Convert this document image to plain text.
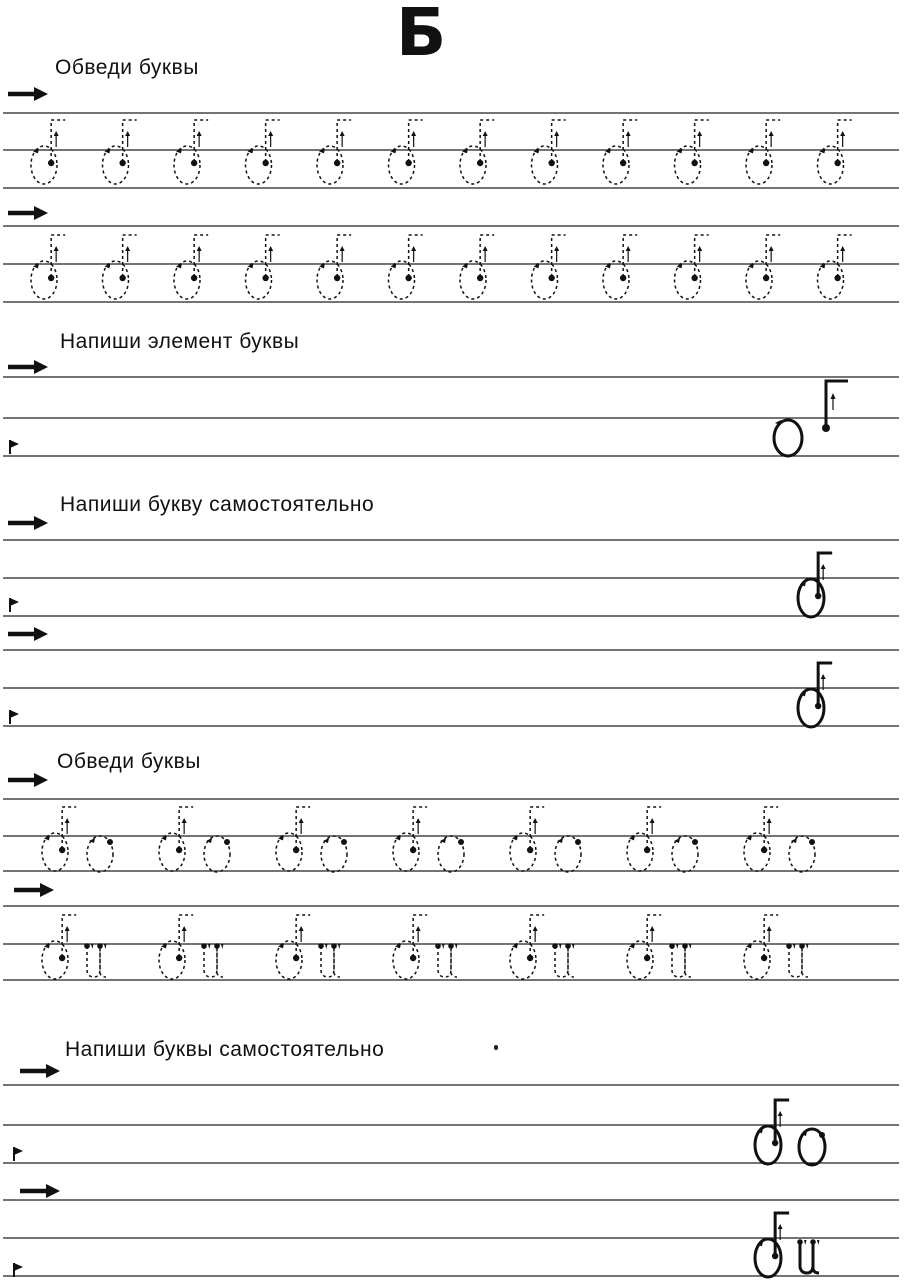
Б
Обведи буквы
Напиши элемент буквы
Напиши букву самостоятельно
Обведи буквы
Напиши буквы самостоятельно
